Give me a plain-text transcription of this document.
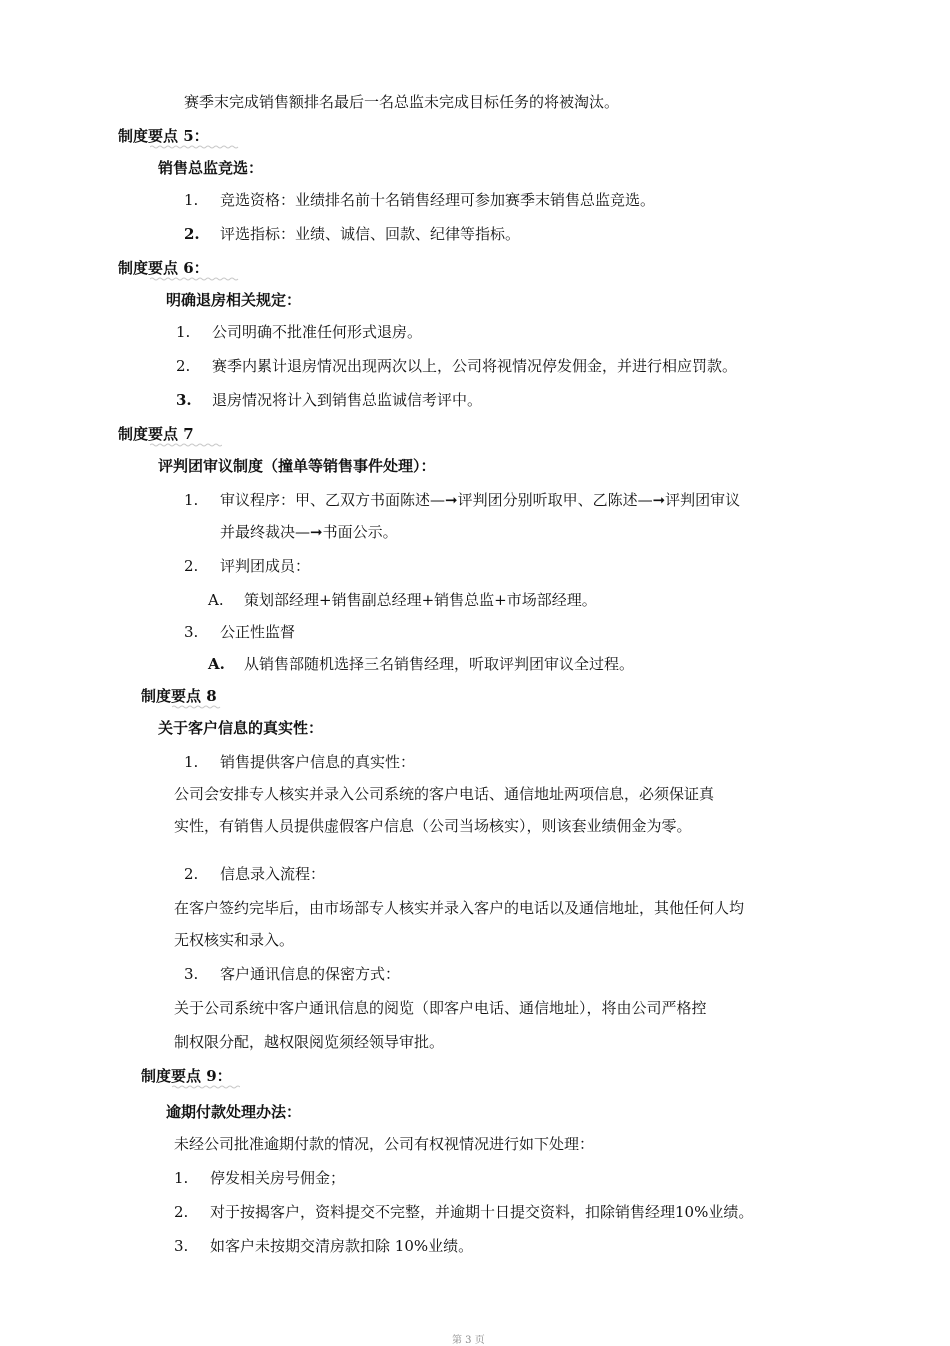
赛季末完成销售额排名最后一名总监未完成目标任务的将被淘汰。
制度要点 5：
销售总监竞选：
1. 竞选资格：业绩排名前十名销售经理可参加赛季末销售总监竞选。
2. 评选指标：业绩、诚信、回款、纪律等指标。
制度要点 6：
明确退房相关规定：
1. 公司明确不批准任何形式退房。
2. 赛季内累计退房情况出现两次以上，公司将视情况停发佣金，并进行相应罚款。
3. 退房情况将计入到销售总监诚信考评中。
制度要点 7
评判团审议制度（撞单等销售事件处理）：
1. 审议程序：甲、乙双方书面陈述—➞评判团分别听取甲、乙陈述—➞评判团审议
并最终裁决—➞书面公示。
2. 评判团成员：
A. 策划部经理+销售副总经理+销售总监+市场部经理。
3. 公正性监督
A. 从销售部随机选择三名销售经理，听取评判团审议全过程。
制度要点 8
关于客户信息的真实性：
1. 销售提供客户信息的真实性：
公司会安排专人核实并录入公司系统的客户电话、通信地址两项信息，必须保证真
实性，有销售人员提供虚假客户信息（公司当场核实），则该套业绩佣金为零。
2. 信息录入流程：
在客户签约完毕后，由市场部专人核实并录入客户的电话以及通信地址，其他任何人均
无权核实和录入。
3. 客户通讯信息的保密方式：
关于公司系统中客户通讯信息的阅览（即客户电话、通信地址），将由公司严格控
制权限分配，越权限阅览须经领导审批。
制度要点 9：
逾期付款处理办法：
未经公司批准逾期付款的情况，公司有权视情况进行如下处理：
1. 停发相关房号佣金；
2. 对于按揭客户，资料提交不完整，并逾期十日提交资料，扣除销售经理10%业绩。
3. 如客户未按期交清房款扣除 10%业绩。
第 3 页
